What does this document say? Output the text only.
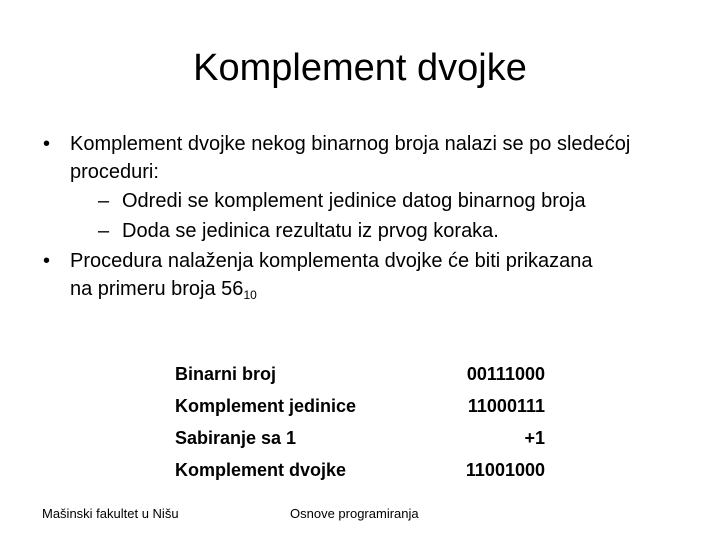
Komplement dvojke
• Komplement dvojke nekog binarnog broja nalazi se po sledećoj proceduri:
– Odredi se komplement jedinice datog binarnog broja
– Doda se jedinica rezultatu iz prvog koraka.
• Procedura nalaženja komplementa dvojke će biti prikazana
na primeru broja $56_{10}$
Binarni broj	00111000
Komplement jedinice	11000111
Sabiranje sa 1	+1
Komplement dvojke	11001000
Mašinski fakultet u Nišu	Osnove programiranja
